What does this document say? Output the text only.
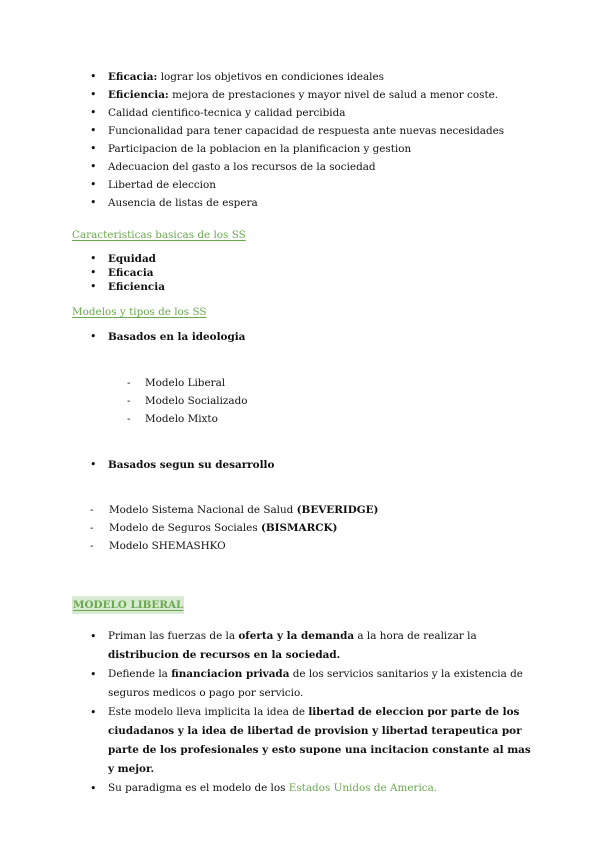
• Eficacia: lograr los objetivos en condiciones ideales
• Eficiencia: mejora de prestaciones y mayor nivel de salud a menor coste.
• Calidad cientifico-tecnica y calidad percibida
• Funcionalidad para tener capacidad de respuesta ante nuevas necesidades
• Participacion de la poblacion en la planificacion y gestion
• Adecuacion del gasto a los recursos de la sociedad
• Libertad de eleccion
• Ausencia de listas de espera
Caracteristicas basicas de los SS
• Equidad
• Eficacia
• Eficiencia
Modelos y tipos de los SS
• Basados en la ideologia
- Modelo Liberal
- Modelo Socializado
- Modelo Mixto
• Basados segun su desarrollo
- Modelo Sistema Nacional de Salud (BEVERIDGE)
- Modelo de Seguros Sociales (BISMARCK)
- Modelo SHEMASHKO
MODELO LIBERAL
• Priman las fuerzas de la oferta y la demanda a la hora de realizar la distribucion de recursos en la sociedad.
• Defiende la financiacion privada de los servicios sanitarios y la existencia de seguros medicos o pago por servicio.
• Este modelo lleva implicita la idea de libertad de eleccion por parte de los ciudadanos y la idea de libertad de provision y libertad terapeutica por parte de los profesionales y esto supone una incitacion constante al mas y mejor.
• Su paradigma es el modelo de los Estados Unidos de America.
